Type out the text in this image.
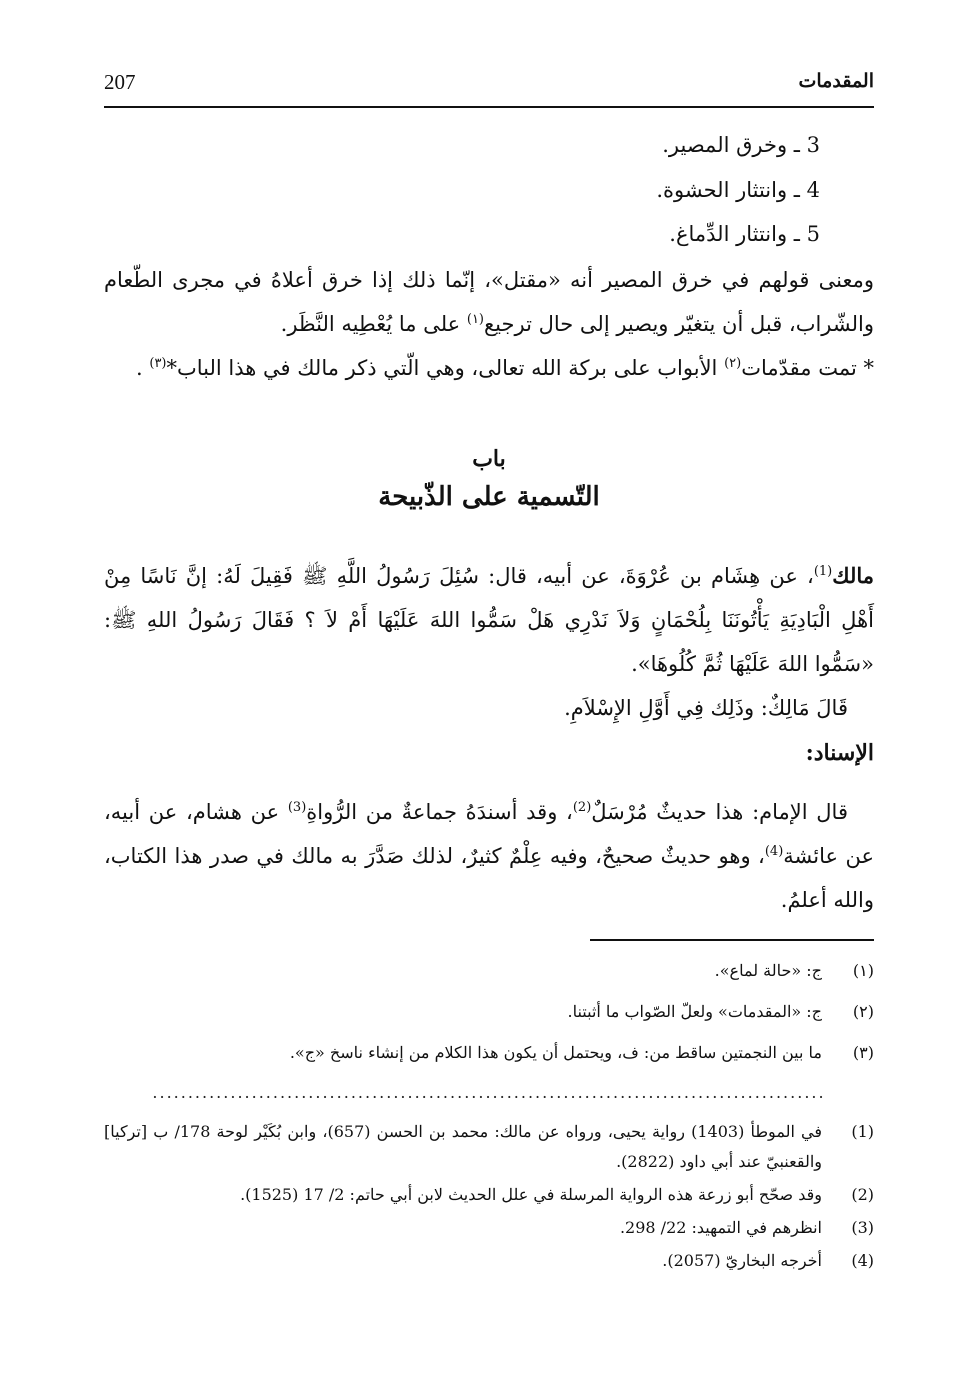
المقدمات
207
3 ـ وخرق المصير.
4 ـ وانتثار الحشوة.
5 ـ وانتثار الدِّماغ.
ومعنى قولهم في خرق المصير أنه «مقتل»، إنّما ذلك إذا خرق أعلاهُ في مجرى الطّعام والشّراب، قبل أن يتغيّر ويصير إلى حال ترجيع$^{(١)}$ على ما يُعْطِيه النَّظَر.
* تمت مقدّمات$^{(٢)}$ الأبواب على بركة الله تعالى، وهي الّتي ذكر مالك في هذا الباب*$^{(٣)}$ .
باب
التّسمية على الذّبيحة
مالك$^{(1)}$، عن هِشَام بن عُرْوَةَ، عن أبيه، قال: سُئِلَ رَسُولُ اللَّهِ ﷺ فَقِيلَ لَهُ: إنَّ نَاسًا مِنْ أَهْلِ الْبَادِيَةِ يَأْتُونَنَا بِلُحْمَانٍ وَلاَ نَدْرِي هَلْ سَمُّوا اللهَ عَلَيْهَا أَمْ لاَ ؟ فَقَالَ رَسُولُ اللهِ ﷺ: «سَمُّوا اللهَ عَلَيْهَا ثُمَّ كُلُوهَا».
قَالَ مَالِكٌ: وذَلِك فِي أَوَّلِ الإِسْلاَمِ.
الإسناد:
قال الإمام: هذا حديثٌ مُرْسَلٌ$^{(2)}$، وقد أسندَهُ جماعةٌ من الرُّواةِ$^{(3)}$ عن هشام، عن أبيه، عن عائشة$^{(4)}$، وهو حديثٌ صحيحٌ، وفيه عِلْمٌ كثيرٌ، لذلك صَدَّرَ به مالك في صدر هذا الكتاب، والله أعلمُ.
(١)
ج: «حالة لماع».
(٢)
ج: «المقدمات» ولعلّ الصّواب ما أثبتنا.
(٣)
ما بين النجمتين ساقط من: ف، ويحتمل أن يكون هذا الكلام من إنشاء ناسخ «ج».
...............................................................................................
(1)
في الموطأ (1403) رواية يحيى، ورواه عن مالك: محمد بن الحسن (657)، وابن بُكَيْر لوحة 178/ ب [تركيا] والقعنبيّ عند أبي داود (2822).
(2)
وقد صحّح أبو زرعة هذه الرواية المرسلة في علل الحديث لابن أبي حاتم: 2/ 17 (1525).
(3)
انظرهم في التمهيد: 22/ 298.
(4)
أخرجه البخاريّ (2057).
